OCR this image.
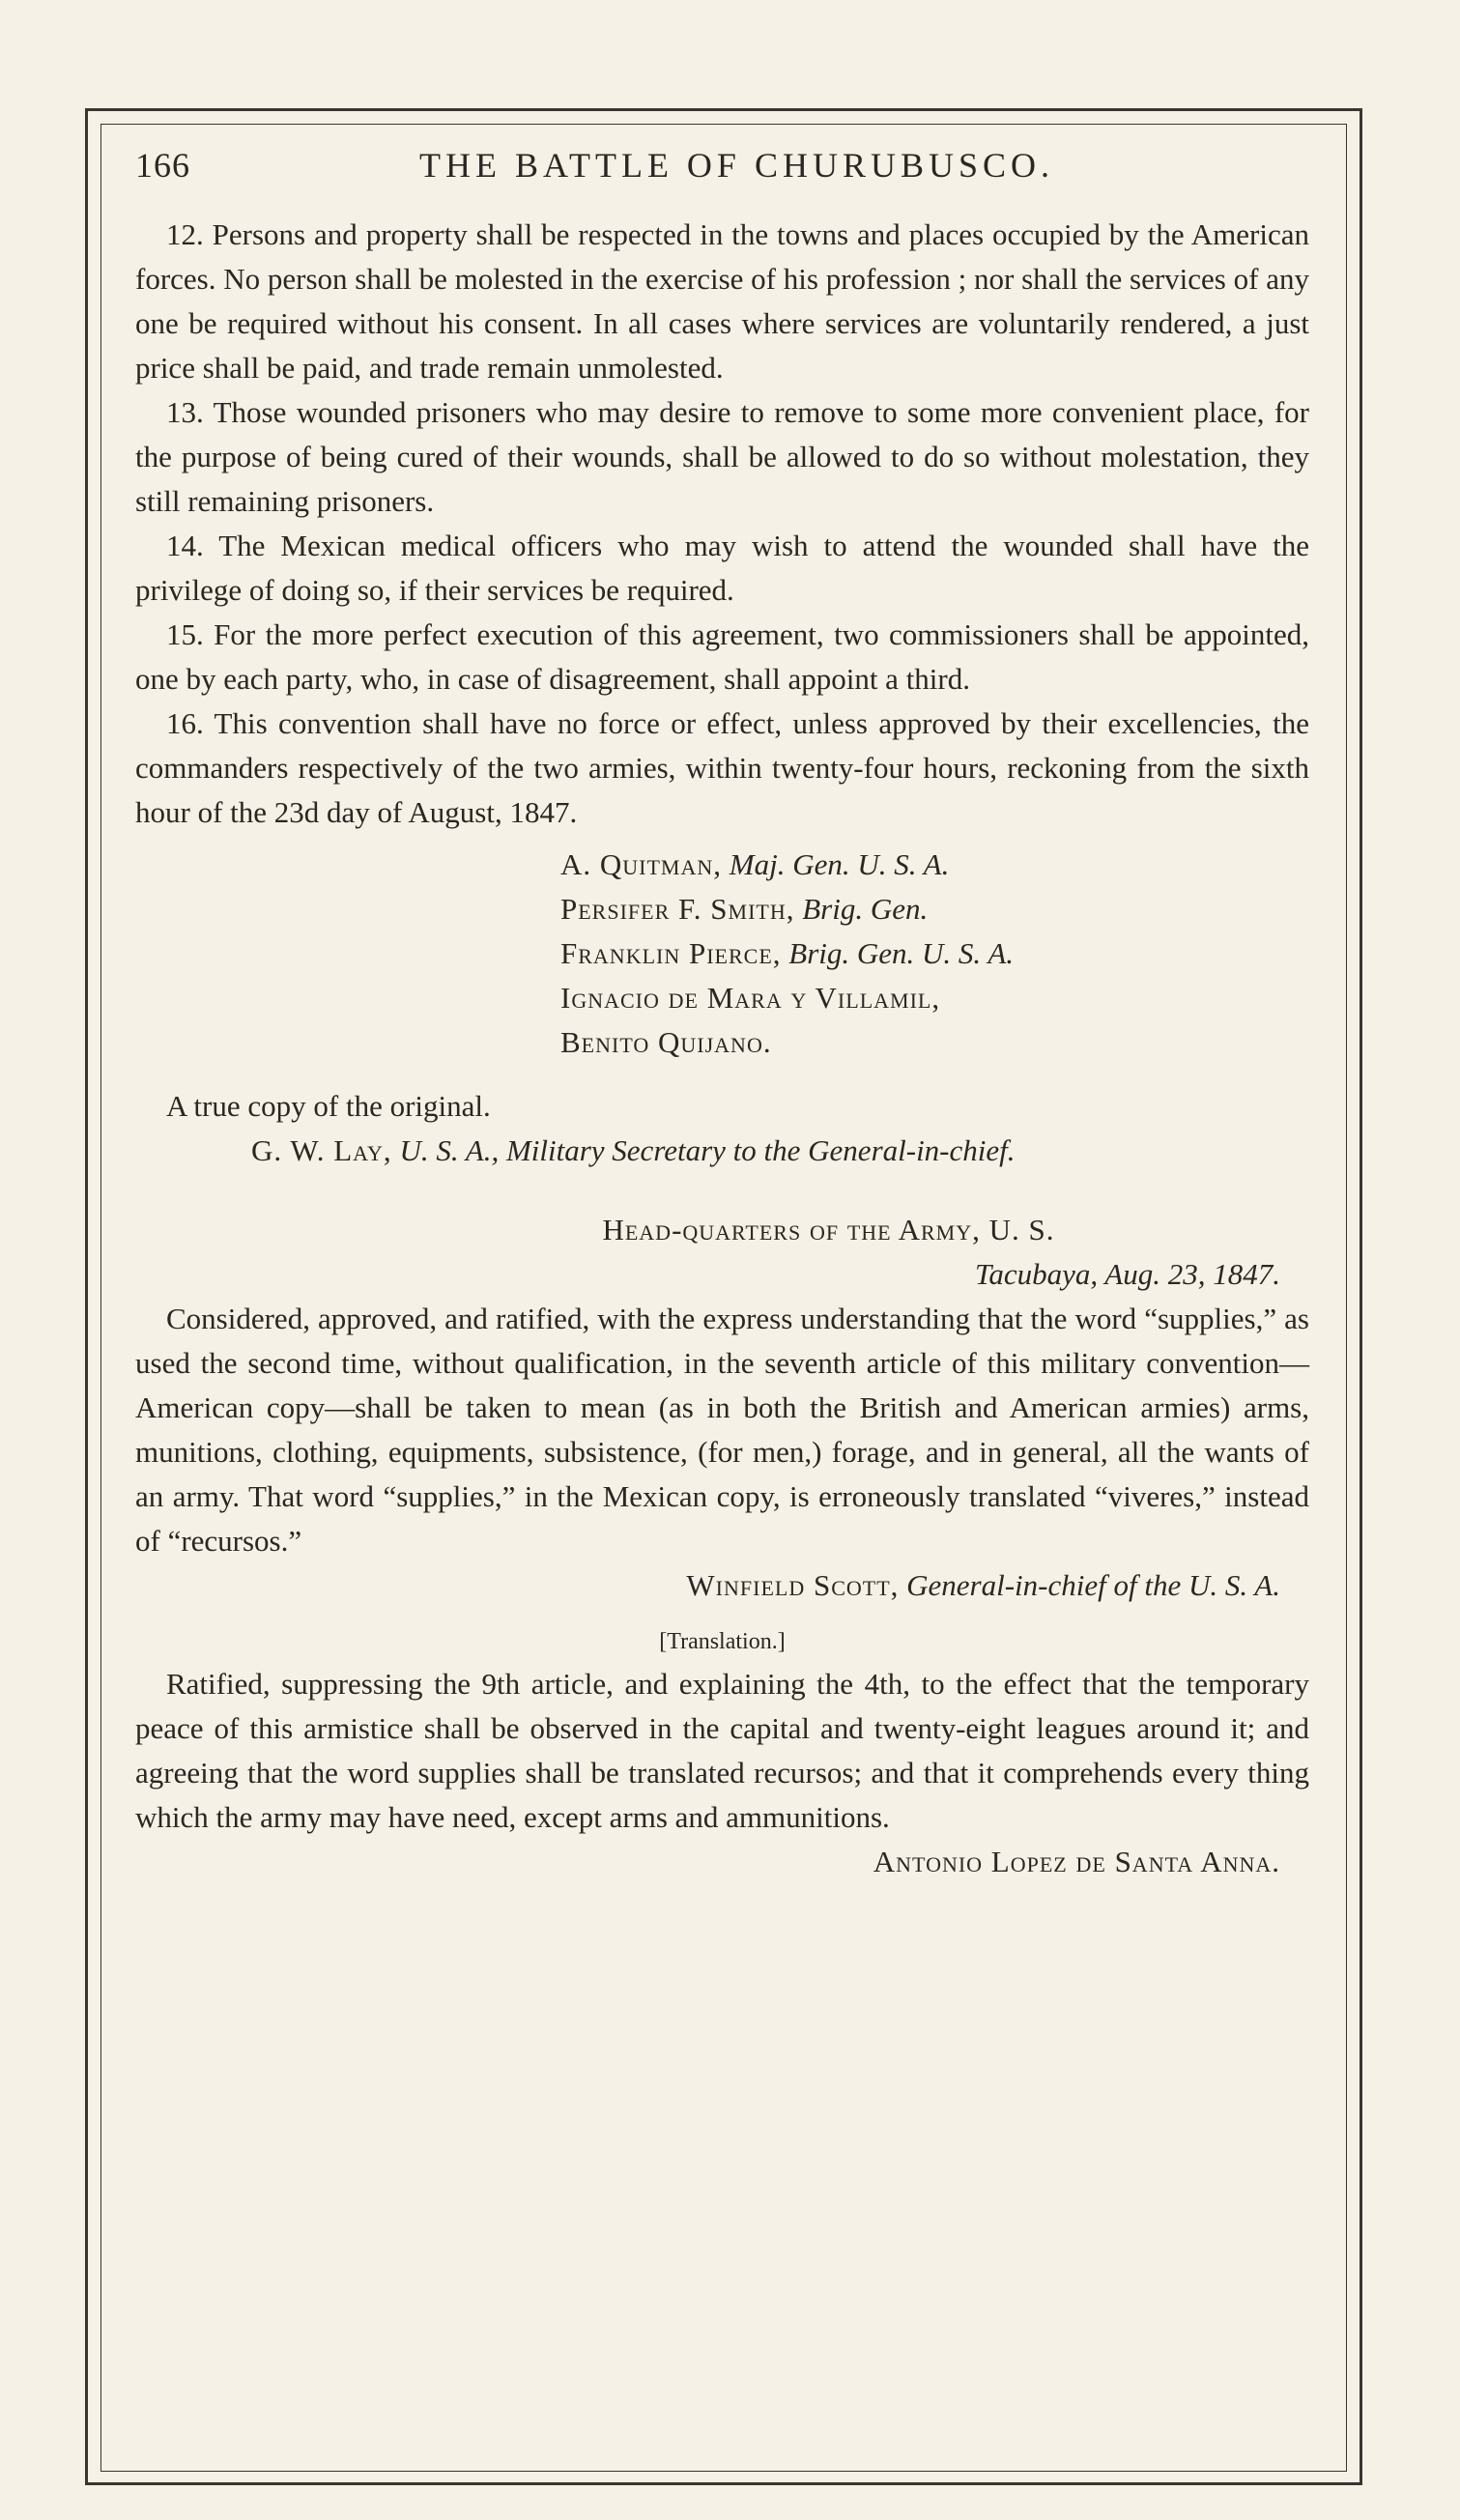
166	THE BATTLE OF CHURUBUSCO.

12. Persons and property shall be respected in the towns and places occupied by the American forces. No person shall be molested in the exercise of his profession ; nor shall the services of any one be required without his consent. In all cases where services are voluntarily rendered, a just price shall be paid, and trade remain unmolested.

13. Those wounded prisoners who may desire to remove to some more convenient place, for the purpose of being cured of their wounds, shall be allowed to do so without molestation, they still remaining prisoners.

14. The Mexican medical officers who may wish to attend the wounded shall have the privilege of doing so, if their services be required.

15. For the more perfect execution of this agreement, two commissioners shall be appointed, one by each party, who, in case of disagreement, shall appoint a third.

16. This convention shall have no force or effect, unless approved by their excellencies, the commanders respectively of the two armies, within twenty-four hours, reckoning from the sixth hour of the 23d day of August, 1847.

A. Quitman, Maj. Gen. U. S. A.
Persifer F. Smith, Brig. Gen.
Franklin Pierce, Brig. Gen. U. S. A.
Ignacio de Mara y Villamil,
Benito Quijano.
A true copy of the original.
G. W. Lay, U. S. A., Military Secretary to the General-in-chief.
Head-quarters of the Army, U. S.
Tacubaya, Aug. 23, 1847.

Considered, approved, and ratified, with the express understanding that the word “supplies,” as used the second time, without qualification, in the seventh article of this military convention—American copy—shall be taken to mean (as in both the British and American armies) arms, munitions, clothing, equipments, subsistence, (for men,) forage, and in general, all the wants of an army. That word “supplies,” in the Mexican copy, is erroneously translated “viveres,” instead of “recursos.”

Winfield Scott, General-in-chief of the U. S. A.
[Translation.]

Ratified, suppressing the 9th article, and explaining the 4th, to the effect that the temporary peace of this armistice shall be observed in the capital and twenty-eight leagues around it; and agreeing that the word supplies shall be translated recursos; and that it comprehends every thing which the army may have need, except arms and ammunitions.

Antonio Lopez de Santa Anna.
